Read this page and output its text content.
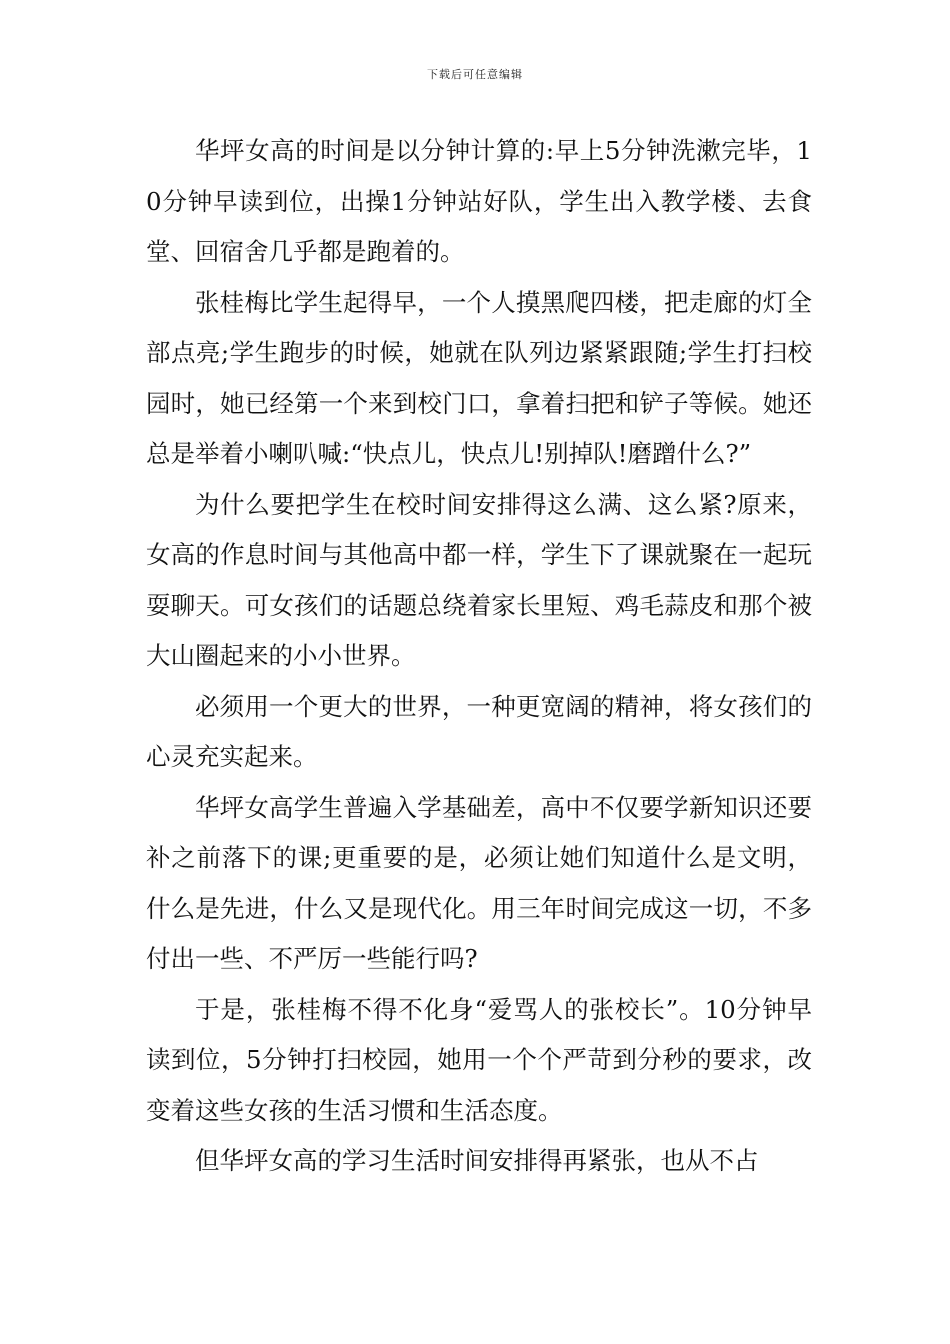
下载后可任意编辑

华坪女高的时间是以分钟计算的:早上5分钟洗漱完毕，10分钟早读到位，出操1分钟站好队，学生出入教学楼、去食堂、回宿舍几乎都是跑着的。

张桂梅比学生起得早，一个人摸黑爬四楼，把走廊的灯全部点亮;学生跑步的时候，她就在队列边紧紧跟随;学生打扫校园时，她已经第一个来到校门口，拿着扫把和铲子等候。她还总是举着小喇叭喊:“快点儿，快点儿!别掉队!磨蹭什么?”

为什么要把学生在校时间安排得这么满、这么紧?原来，女高的作息时间与其他高中都一样，学生下了课就聚在一起玩耍聊天。可女孩们的话题总绕着家长里短、鸡毛蒜皮和那个被大山圈起来的小小世界。

必须用一个更大的世界，一种更宽阔的精神，将女孩们的心灵充实起来。

华坪女高学生普遍入学基础差，高中不仅要学新知识还要补之前落下的课;更重要的是，必须让她们知道什么是文明，什么是先进，什么又是现代化。用三年时间完成这一切，不多付出一些、不严厉一些能行吗?

于是，张桂梅不得不化身“爱骂人的张校长”。10分钟早读到位，5分钟打扫校园，她用一个个严苛到分秒的要求，改变着这些女孩的生活习惯和生活态度。

但华坪女高的学习生活时间安排得再紧张，也从不占
